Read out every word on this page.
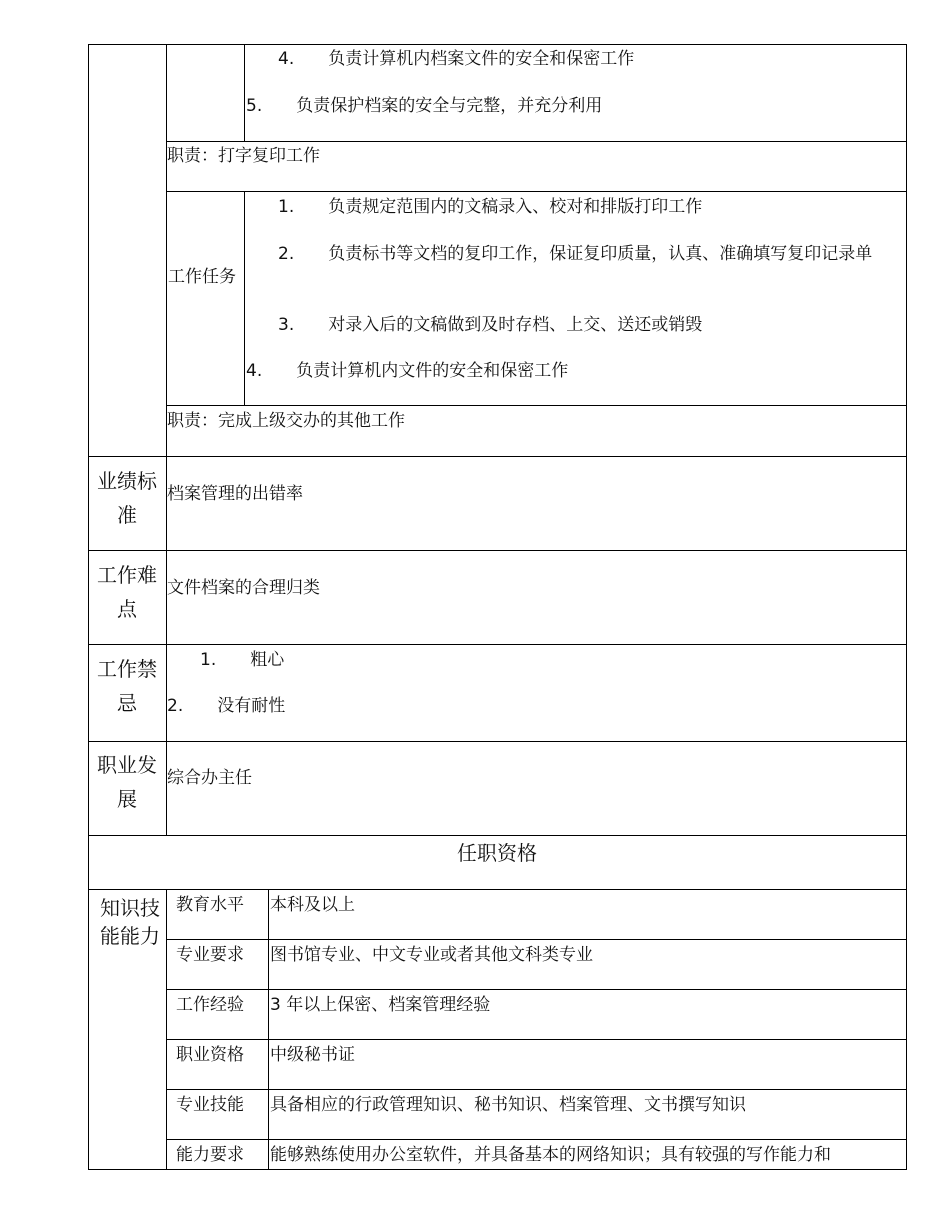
4.　　负责计算机内档案文件的安全和保密工作
5.　　负责保护档案的安全与完整，并充分利用
职责：打字复印工作
工作任务
1.　　负责规定范围内的文稿录入、校对和排版打印工作
2.　　负责标书等文档的复印工作，保证复印质量，认真、准确填写复印记录单
3.　　对录入后的文稿做到及时存档、上交、送还或销毁
4.　　负责计算机内文件的安全和保密工作
职责：完成上级交办的其他工作
业绩标准
档案管理的出错率
工作难点
文件档案的合理归类
工作禁忌
1.　　粗心
2.　　没有耐性
职业发展
综合办主任
任职资格
知识技能能力
教育水平 本科及以上
专业要求 图书馆专业、中文专业或者其他文科类专业
工作经验 3 年以上保密、档案管理经验
职业资格 中级秘书证
专业技能 具备相应的行政管理知识、秘书知识、档案管理、文书撰写知识
能力要求 能够熟练使用办公室软件，并具备基本的网络知识；具有较强的写作能力和
